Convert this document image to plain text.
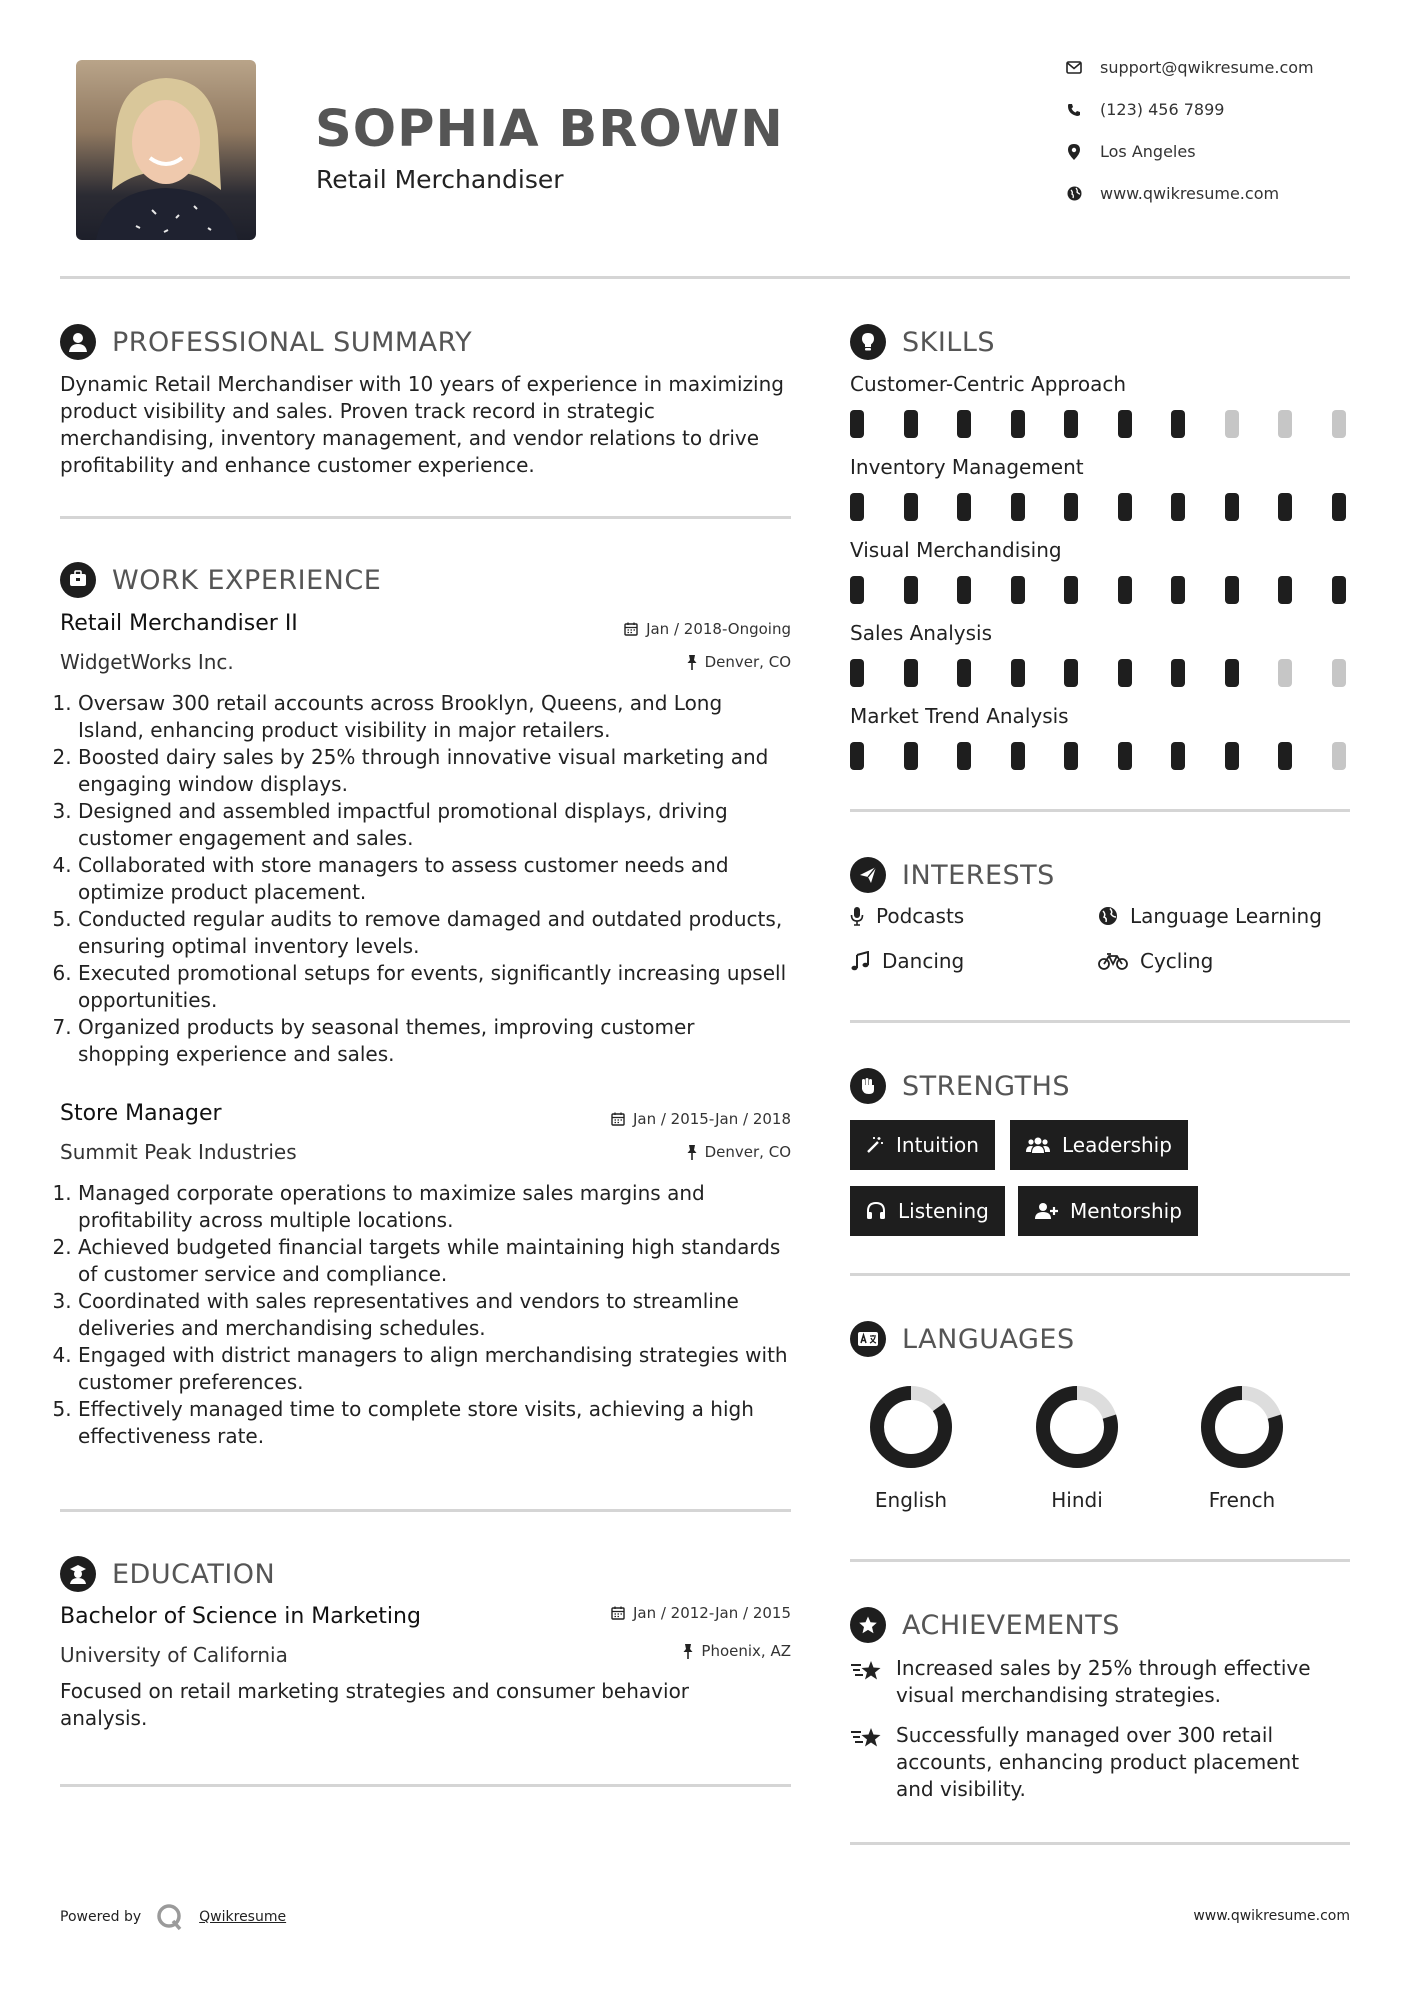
SOPHIA BROWN
Retail Merchandiser
support@qwikresume.com
(123) 456 7899
Los Angeles
www.qwikresume.com
PROFESSIONAL SUMMARY
Dynamic Retail Merchandiser with 10 years of experience in maximizing
product visibility and sales. Proven track record in strategic
merchandising, inventory management, and vendor relations to drive
profitability and enhance customer experience.
WORK EXPERIENCE
Retail Merchandiser II	Jan / 2018-Ongoing
WidgetWorks Inc.	Denver, CO
1. Oversaw 300 retail accounts across Brooklyn, Queens, and Long Island, enhancing product visibility in major retailers.
2. Boosted dairy sales by 25% through innovative visual marketing and engaging window displays.
3. Designed and assembled impactful promotional displays, driving customer engagement and sales.
4. Collaborated with store managers to assess customer needs and optimize product placement.
5. Conducted regular audits to remove damaged and outdated products, ensuring optimal inventory levels.
6. Executed promotional setups for events, significantly increasing upsell opportunities.
7. Organized products by seasonal themes, improving customer shopping experience and sales.
Store Manager	Jan / 2015-Jan / 2018
Summit Peak Industries	Denver, CO
1. Managed corporate operations to maximize sales margins and profitability across multiple locations.
2. Achieved budgeted financial targets while maintaining high standards of customer service and compliance.
3. Coordinated with sales representatives and vendors to streamline deliveries and merchandising schedules.
4. Engaged with district managers to align merchandising strategies with customer preferences.
5. Effectively managed time to complete store visits, achieving a high effectiveness rate.
EDUCATION
Bachelor of Science in Marketing	Jan / 2012-Jan / 2015
University of California	Phoenix, AZ
Focused on retail marketing strategies and consumer behavior
analysis.
SKILLS
Customer-Centric Approach
Inventory Management
Visual Merchandising
Sales Analysis
Market Trend Analysis
INTERESTS
Podcasts	Language Learning
Dancing	Cycling
STRENGTHS
Intuition	Leadership
Listening	Mentorship
LANGUAGES
English	Hindi	French
ACHIEVEMENTS
Increased sales by 25% through effective
visual merchandising strategies.
Successfully managed over 300 retail
accounts, enhancing product placement
and visibility.
Powered by	Qwikresume	www.qwikresume.com
